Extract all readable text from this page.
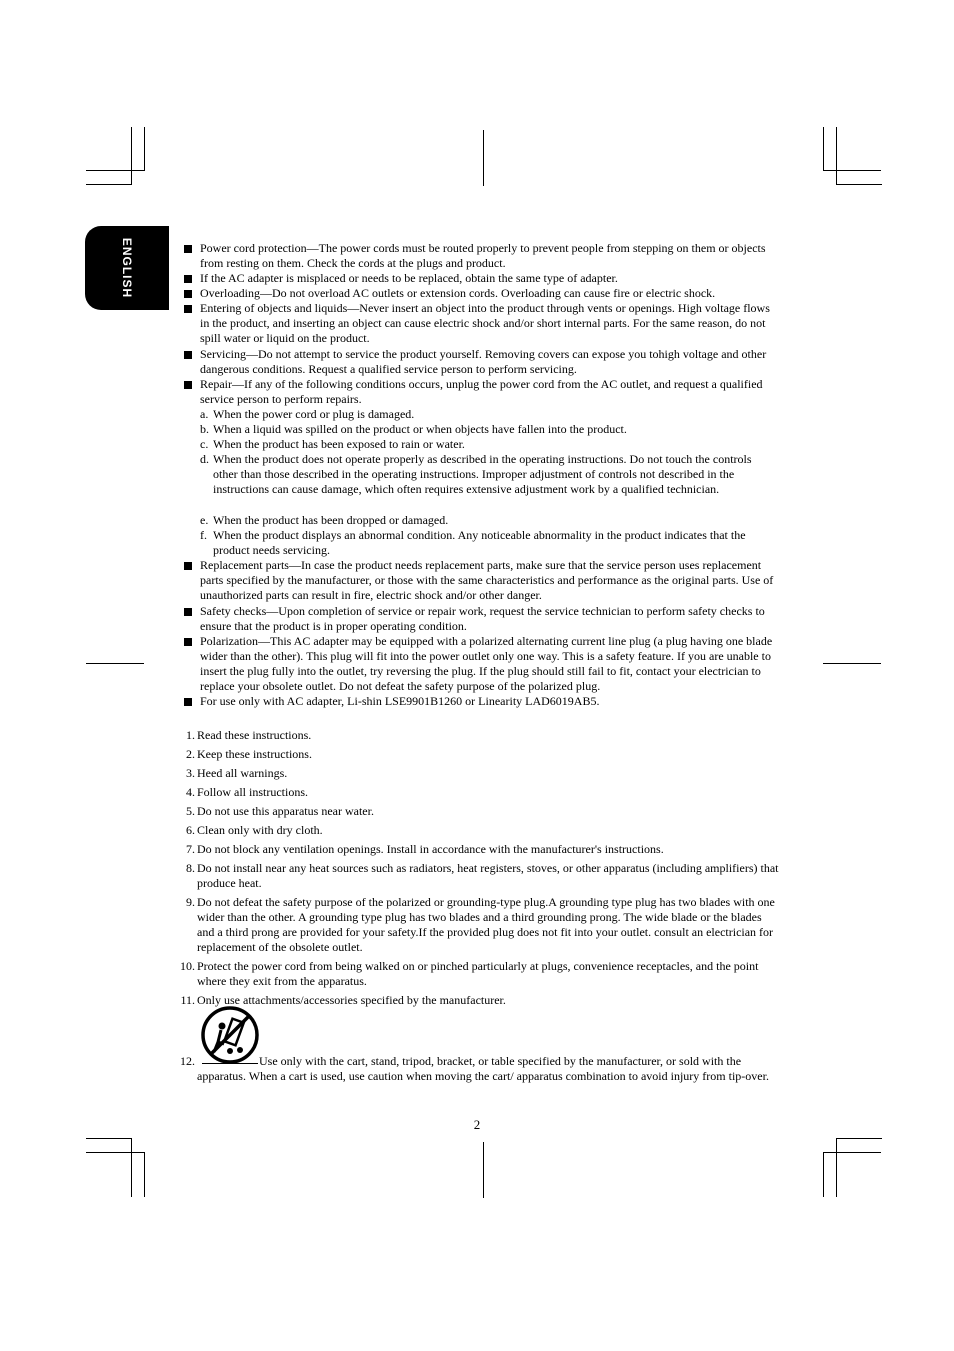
ENGLISH	Power cord protection—The power cords must be routed properly to prevent people from stepping on them or objects from resting on them. Check the cords at the plugs and product.
If the AC adapter is misplaced or needs to be replaced, obtain the same type of adapter.
Overloading—Do not overload AC outlets or extension cords. Overloading can cause fire or electric shock.
Entering of objects and liquids—Never insert an object into the product through vents or openings. High voltage flows in the product, and inserting an object can cause electric shock and/or short internal parts. For the same reason, do not spill water or liquid on the product.
Servicing—Do not attempt to service the product yourself. Removing covers can expose you tohigh voltage and other dangerous conditions. Request a qualified service person to perform servicing.
Repair—If any of the following conditions occurs, unplug the power cord from the AC outlet, and request a qualified service person to perform repairs.
a. When the power cord or plug is damaged.
b. When a liquid was spilled on the product or when objects have fallen into the product.
c. When the product has been exposed to rain or water.
d. When the product does not operate properly as described in the operating instructions. Do not touch the controls other than those described in the operating instructions. Improper adjustment of controls not described in the instructions can cause damage, which often requires extensive adjustment work by a qualified technician.
e. When the product has been dropped or damaged.
f. When the product displays an abnormal condition. Any noticeable abnormality in the product indicates that the product needs servicing.
Replacement parts—In case the product needs replacement parts, make sure that the service person uses replacement parts specified by the manufacturer, or those with the same characteristics and performance as the original parts. Use of unauthorized parts can result in fire, electric shock and/or other danger.
Safety checks—Upon completion of service or repair work, request the service technician to perform safety checks to ensure that the product is in proper operating condition.
Polarization—This AC adapter may be equipped with a polarized alternating current line plug (a plug having one blade wider than the other). This plug will fit into the power outlet only one way. This is a safety feature. If you are unable to insert the plug fully into the outlet, try reversing the plug. If the plug should still fail to fit, contact your electrician to replace your obsolete outlet. Do not defeat the safety purpose of the polarized plug.
For use only with AC adapter, Li-shin LSE9901B1260 or Linearity LAD6019AB5.
1. Read these instructions.
2. Keep these instructions.
3. Heed all warnings.
4. Follow all instructions.
5. Do not use this apparatus near water.
6. Clean only with dry cloth.
7. Do not block any ventilation openings. Install in accordance with the manufacturer's instructions.
8. Do not install near any heat sources such as radiators, heat registers, stoves, or other apparatus (including amplifiers) that produce heat.
9. Do not defeat the safety purpose of the polarized or grounding-type plug.A grounding type plug has two blades with one wider than the other. A grounding type plug has two blades and a third grounding prong. The wide blade or the blades and a third prong are provided for your safety.If the provided plug does not fit into your outlet. consult an electrician for replacement of the obsolete outlet.
10. Protect the power cord from being walked on or pinched particularly at plugs, convenience receptacles, and the point where they exit from the apparatus.
11. Only use attachments/accessories specified by the manufacturer.
12.	Use only with the cart, stand, tripod, bracket, or table specified by the manufacturer, or sold with the apparatus. When a cart is used, use caution when moving the cart/ apparatus combination to avoid injury from tip-over.
2
